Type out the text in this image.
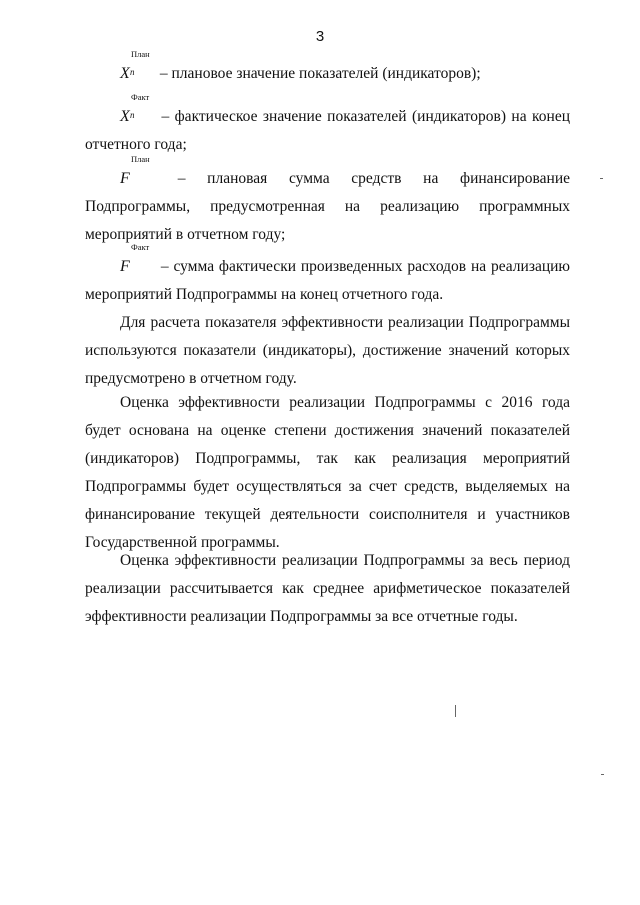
3
X
План
n – плановое значение показателей (индикаторов);
X
Факт
n – фактическое значение показателей (индикаторов) на конец отчетного года;
F
План
– плановая сумма средств на финансирование Подпрограммы, предусмотренная на реализацию программных мероприятий в отчетном году;
F
Факт
– сумма фактически произведенных расходов на реализацию мероприятий Подпрограммы на конец отчетного года.

Для расчета показателя эффективности реализации Подпрограммы используются показатели (индикаторы), достижение значений которых предусмотрено в отчетном году.

Оценка эффективности реализации Подпрограммы с 2016 года будет основана на оценке степени достижения значений показателей (индикаторов) Подпрограммы, так как реализация мероприятий Подпрограммы будет осуществляться за счет средств, выделяемых на финансирование текущей деятельности соисполнителя и участников Государственной программы.

Оценка эффективности реализации Подпрограммы за весь период реализации рассчитывается как среднее арифметическое показателей эффективности реализации Подпрограммы за все отчетные годы.
